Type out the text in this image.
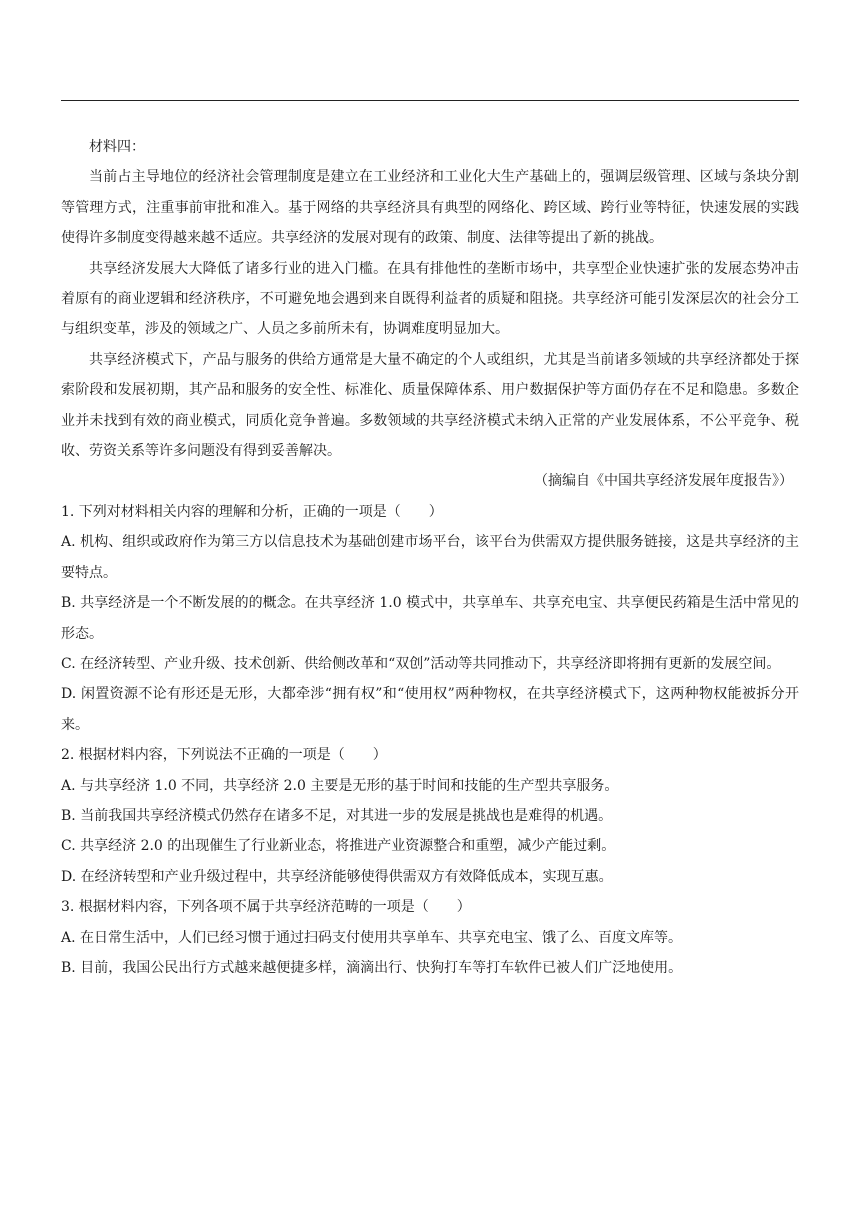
材料四：

当前占主导地位的经济社会管理制度是建立在工业经济和工业化大生产基础上的，强调层级管理、区域与条块分割等管理方式，注重事前审批和准入。基于网络的共享经济具有典型的网络化、跨区域、跨行业等特征，快速发展的实践使得许多制度变得越来越不适应。共享经济的发展对现有的政策、制度、法律等提出了新的挑战。

共享经济发展大大降低了诸多行业的进入门槛。在具有排他性的垄断市场中，共享型企业快速扩张的发展态势冲击着原有的商业逻辑和经济秩序，不可避免地会遇到来自既得利益者的质疑和阻挠。共享经济可能引发深层次的社会分工与组织变革，涉及的领域之广、人员之多前所未有，协调难度明显加大。

共享经济模式下，产品与服务的供给方通常是大量不确定的个人或组织，尤其是当前诸多领域的共享经济都处于探索阶段和发展初期，其产品和服务的安全性、标准化、质量保障体系、用户数据保护等方面仍存在不足和隐患。多数企业并未找到有效的商业模式，同质化竞争普遍。多数领域的共享经济模式未纳入正常的产业发展体系，不公平竞争、税收、劳资关系等许多问题没有得到妥善解决。

（摘编自《中国共享经济发展年度报告》）

1. 下列对材料相关内容的理解和分析，正确的一项是（　　）

A. 机构、组织或政府作为第三方以信息技术为基础创建市场平台，该平台为供需双方提供服务链接，这是共享经济的主要特点。

B. 共享经济是一个不断发展的的概念。在共享经济 1.0 模式中，共享单车、共享充电宝、共享便民药箱是生活中常见的形态。

C. 在经济转型、产业升级、技术创新、供给侧改革和“双创”活动等共同推动下，共享经济即将拥有更新的发展空间。

D. 闲置资源不论有形还是无形，大都牵涉“拥有权”和“使用权”两种物权，在共享经济模式下，这两种物权能被拆分开来。

2. 根据材料内容，下列说法不正确的一项是（　　）

A. 与共享经济 1.0 不同，共享经济 2.0 主要是无形的基于时间和技能的生产型共享服务。

B. 当前我国共享经济模式仍然存在诸多不足，对其进一步的发展是挑战也是难得的机遇。

C. 共享经济 2.0 的出现催生了行业新业态，将推进产业资源整合和重塑，减少产能过剩。

D. 在经济转型和产业升级过程中，共享经济能够使得供需双方有效降低成本，实现互惠。

3. 根据材料内容，下列各项不属于共享经济范畴的一项是（　　）

A. 在日常生活中，人们已经习惯于通过扫码支付使用共享单车、共享充电宝、饿了么、百度文库等。

B. 目前，我国公民出行方式越来越便捷多样，滴滴出行、快狗打车等打车软件已被人们广泛地使用。
